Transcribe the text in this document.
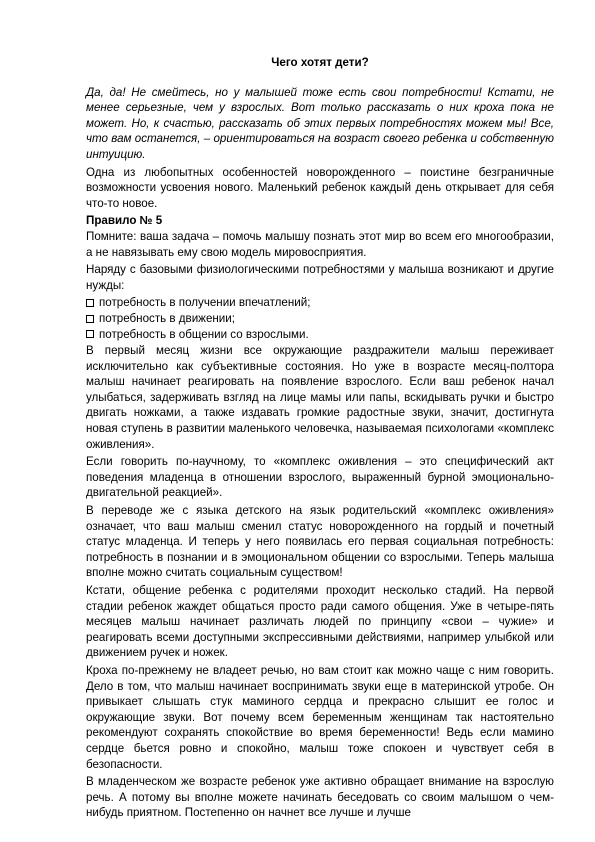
Чего хотят дети?

Да, да! Не смейтесь, но у малышей тоже есть свои потребности! Кстати, не менее серьезные, чем у взрослых. Вот только рассказать о них кроха пока не может. Но, к счастью, рассказать об этих первых потребностях можем мы! Все, что вам останется, – ориентироваться на возраст своего ребенка и собственную интуицию.

Одна из любопытных особенностей новорожденного – поистине безграничные возможности усвоения нового. Маленький ребенок каждый день открывает для себя что-то новое.

Правило № 5

Помните: ваша задача – помочь малышу познать этот мир во всем его многообразии, а не навязывать ему свою модель мировосприятия.

Наряду с базовыми физиологическими потребностями у малыша возникают и другие нужды:

потребность в получении впечатлений;
потребность в движении;
потребность в общении со взрослыми.

В первый месяц жизни все окружающие раздражители малыш переживает исключительно как субъективные состояния. Но уже в возрасте месяц-полтора малыш начинает реагировать на появление взрослого. Если ваш ребенок начал улыбаться, задерживать взгляд на лице мамы или папы, вскидывать ручки и быстро двигать ножками, а также издавать громкие радостные звуки, значит, достигнута новая ступень в развитии маленького человечка, называемая психологами «комплекс оживления».

Если говорить по-научному, то «комплекс оживления – это специфический акт поведения младенца в отношении взрослого, выраженный бурной эмоционально-двигательной реакцией».

В переводе же с языка детского на язык родительский «комплекс оживления» означает, что ваш малыш сменил статус новорожденного на гордый и почетный статус младенца. И теперь у него появилась его первая социальная потребность: потребность в познании и в эмоциональном общении со взрослыми. Теперь малыша вполне можно считать социальным существом!

Кстати, общение ребенка с родителями проходит несколько стадий. На первой стадии ребенок жаждет общаться просто ради самого общения. Уже в четыре-пять месяцев малыш начинает различать людей по принципу «свои – чужие» и реагировать всеми доступными экспрессивными действиями, например улыбкой или движением ручек и ножек.

Кроха по-прежнему не владеет речью, но вам стоит как можно чаще с ним говорить. Дело в том, что малыш начинает воспринимать звуки еще в материнской утробе. Он привыкает слышать стук маминого сердца и прекрасно слышит ее голос и окружающие звуки. Вот почему всем беременным женщинам так настоятельно рекомендуют сохранять спокойствие во время беременности! Ведь если мамино сердце бьется ровно и спокойно, малыш тоже спокоен и чувствует себя в безопасности.

В младенческом же возрасте ребенок уже активно обращает внимание на взрослую речь. А потому вы вполне можете начинать беседовать со своим малышом о чем-нибудь приятном. Постепенно он начнет все лучше и лучше
